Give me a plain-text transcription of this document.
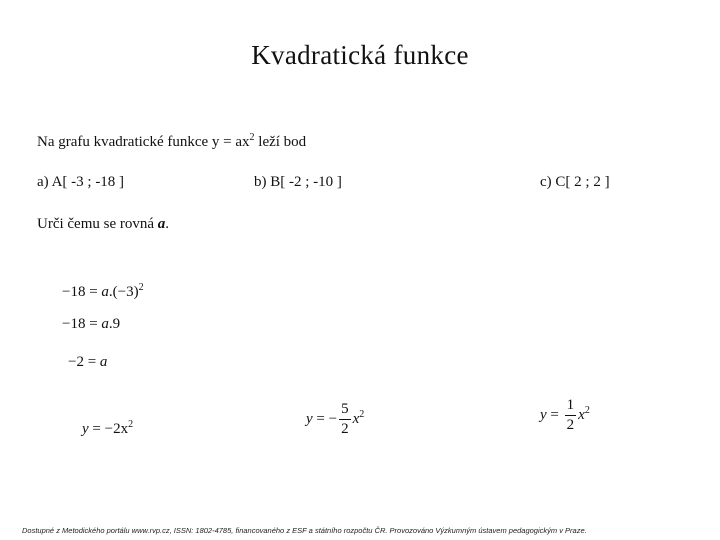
Kvadratická funkce
Na grafu kvadratické funkce $y = ax^2$ leží bod
a) A[ -3 ; -18 ]	b) B[ -2 ; -10 ]	c) C[ 2 ; 2 ]
Urči čemu se rovná a.
$-18 = a.(-3)^2$
−18 = a.9
−2 = a
$y = -2x^2$	y = − $\frac{5}{2} x^2$	$y = \frac{1}{2} x^2$
Dostupné z Metodického portálu www.rvp.cz, ISSN: 1802-4785, financovaného z ESF a státního rozpočtu ČR. Provozováno Výzkumným ústavem pedagogickým v Praze.
